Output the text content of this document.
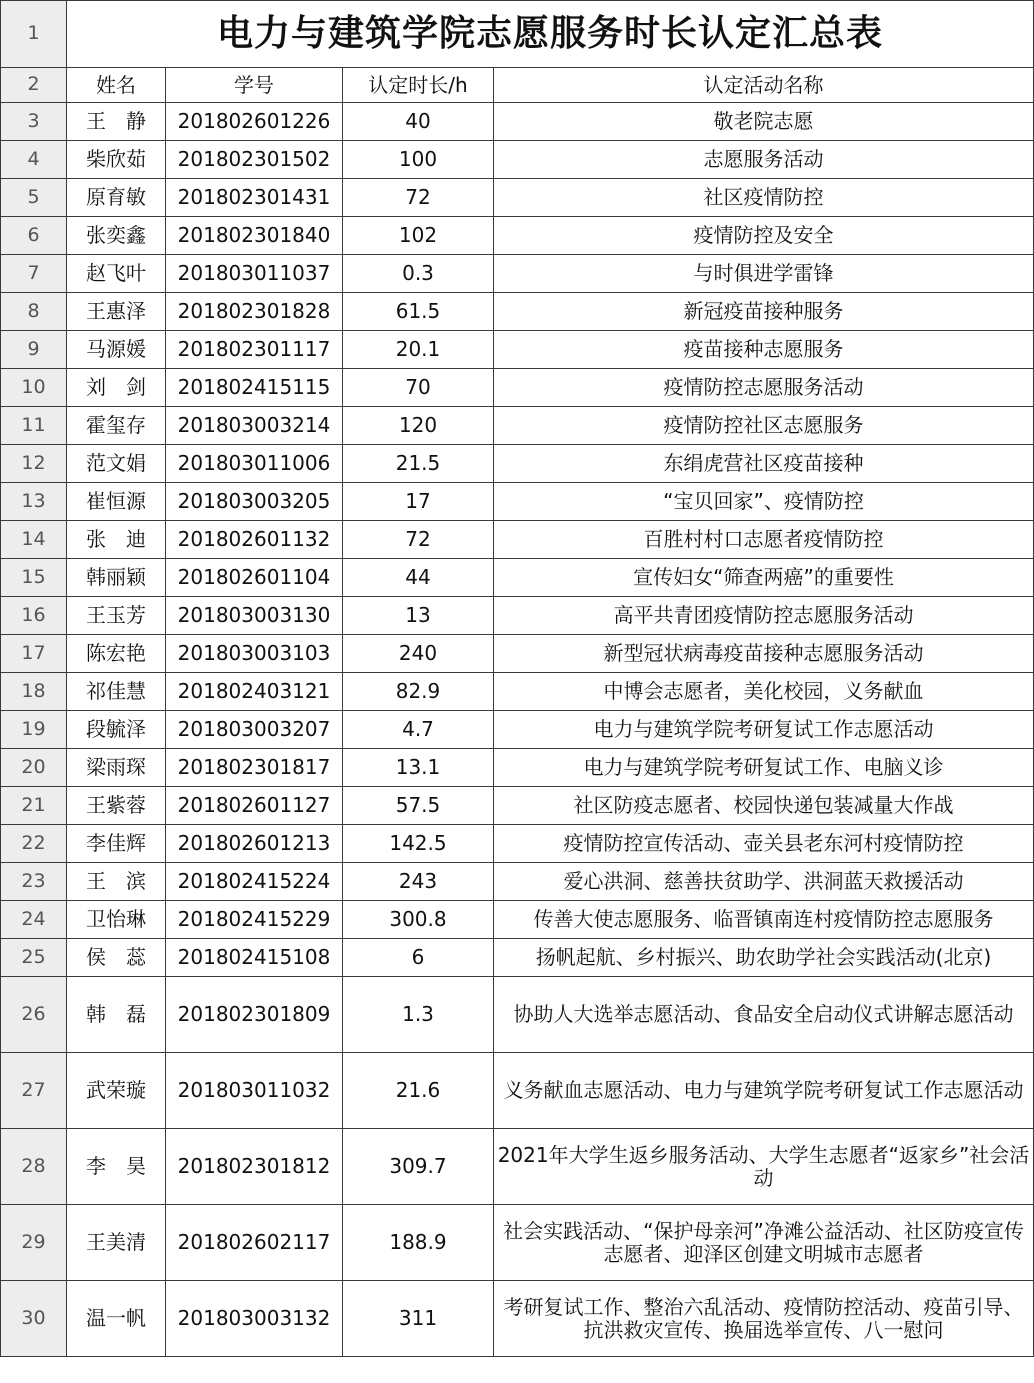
1	电力与建筑学院志愿服务时长认定汇总表			
2	姓名	学号	认定时长/h	认定活动名称
3	王　静	201802601226	40	敬老院志愿
4	柴欣茹	201802301502	100	志愿服务活动
5	原育敏	201802301431	72	社区疫情防控
6	张奕鑫	201802301840	102	疫情防控及安全
7	赵飞叶	201803011037	0.3	与时俱进学雷锋
8	王惠泽	201802301828	61.5	新冠疫苗接种服务
9	马源媛	201802301117	20.1	疫苗接种志愿服务
10	刘　剑	201802415115	70	疫情防控志愿服务活动
11	霍玺存	201803003214	120	疫情防控社区志愿服务
12	范文娟	201803011006	21.5	东绢虎营社区疫苗接种
13	崔恒源	201803003205	17	“宝贝回家”、疫情防控
14	张　迪	201802601132	72	百胜村村口志愿者疫情防控
15	韩丽颖	201802601104	44	宣传妇女“筛查两癌”的重要性
16	王玉芳	201803003130	13	高平共青团疫情防控志愿服务活动
17	陈宏艳	201803003103	240	新型冠状病毒疫苗接种志愿服务活动
18	祁佳慧	201802403121	82.9	中博会志愿者，美化校园，义务献血
19	段毓泽	201803003207	4.7	电力与建筑学院考研复试工作志愿活动
20	梁雨琛	201802301817	13.1	电力与建筑学院考研复试工作、电脑义诊
21	王紫蓉	201802601127	57.5	社区防疫志愿者、校园快递包装减量大作战
22	李佳辉	201802601213	142.5	疫情防控宣传活动、壶关县老东河村疫情防控
23	王　滨	201802415224	243	爱心洪洞、慈善扶贫助学、洪洞蓝天救援活动
24	卫怡琳	201802415229	300.8	传善大使志愿服务、临晋镇南连村疫情防控志愿服务
25	侯　蕊	201802415108	6	扬帆起航、乡村振兴、助农助学社会实践活动(北京)
26	韩　磊	201802301809	1.3	协助人大选举志愿活动、食品安全启动仪式讲解志愿活动
27	武荣璇	201803011032	21.6	义务献血志愿活动、电力与建筑学院考研复试工作志愿活动
28	李　昊	201802301812	309.7	2021年大学生返乡服务活动、大学生志愿者“返家乡”社会活动
29	王美清	201802602117	188.9	社会实践活动、“保护母亲河”净滩公益活动、社区防疫宣传志愿者、迎泽区创建文明城市志愿者
30	温一帆	201803003132	311	考研复试工作、整治六乱活动、疫情防控活动、疫苗引导、抗洪救灾宣传、换届选举宣传、八一慰问
